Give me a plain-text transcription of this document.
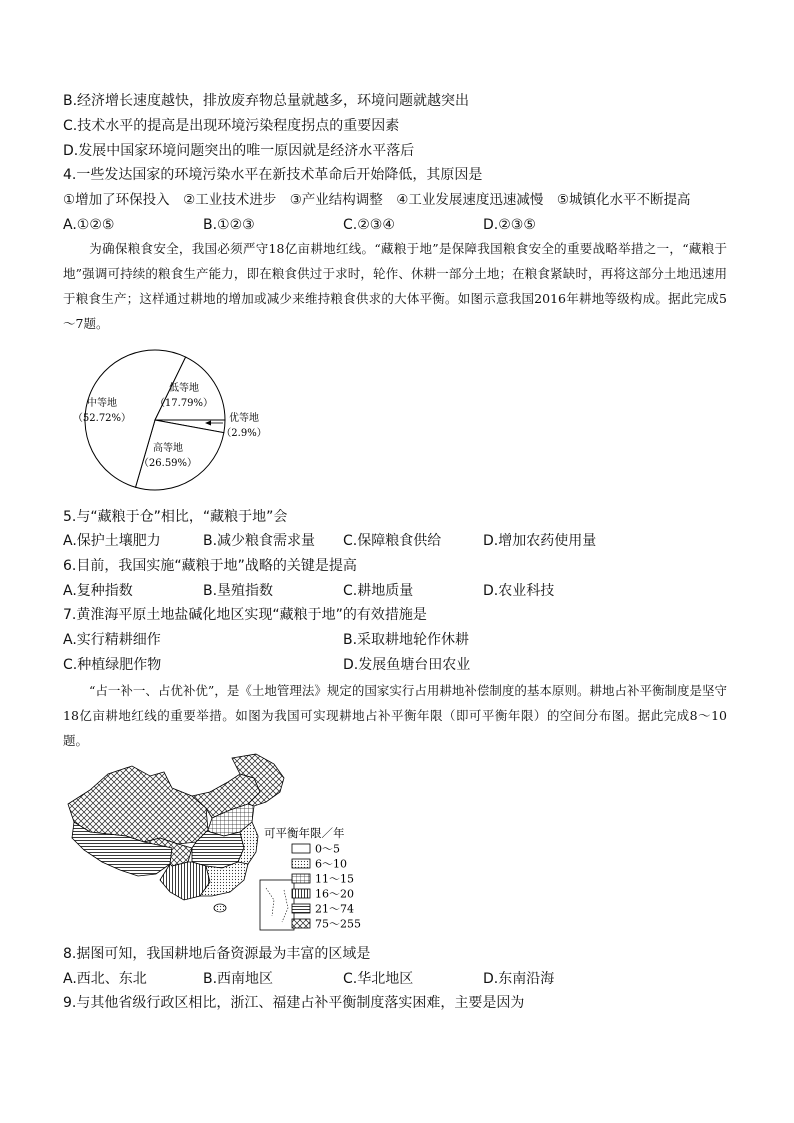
B.经济增长速度越快，排放废弃物总量就越多，环境问题就越突出
C.技术水平的提高是出现环境污染程度拐点的重要因素
D.发展中国家环境问题突出的唯一原因就是经济水平落后
4.一些发达国家的环境污染水平在新技术革命后开始降低，其原因是
①增加了环保投入　②工业技术进步　③产业结构调整　④工业发展速度迅速减慢　⑤城镇化水平不断提高
A.①②⑤	B.①②③	C.②③④	D.②③⑤
为确保粮食安全，我国必须严守18亿亩耕地红线。“藏粮于地”是保障我国粮食安全的重要战略举措之一，“藏粮于地”强调可持续的粮食生产能力，即在粮食供过于求时，轮作、休耕一部分土地；在粮食紧缺时，再将这部分土地迅速用于粮食生产；这样通过耕地的增加或减少来维持粮食供求的大体平衡。如图示意我国2016年耕地等级构成。据此完成5～7题。
中等地
（52.72%）
低等地
（17.79%）
优等地
（2.9%）
高等地
（26.59%）
5.与“藏粮于仓”相比，“藏粮于地”会
A.保护土壤肥力	B.减少粮食需求量 C.保障粮食供给	D.增加农药使用量
6.目前，我国实施“藏粮于地”战略的关键是提高
A.复种指数	B.垦殖指数	C.耕地质量	D.农业科技
7.黄淮海平原土地盐碱化地区实现“藏粮于地”的有效措施是
A.实行精耕细作	B.采取耕地轮作休耕
C.种植绿肥作物	D.发展鱼塘台田农业
“占一补一、占优补优”，是《土地管理法》规定的国家实行占用耕地补偿制度的基本原则。耕地占补平衡制度是坚守18亿亩耕地红线的重要举措。如图为我国可实现耕地占补平衡年限（即可平衡年限）的空间分布图。据此完成8～10题。
可平衡年限／年
0～5
6～10
11～15
16～20
21～74
75～255
8.据图可知，我国耕地后备资源最为丰富的区域是
A.西北、东北	B.西南地区	C.华北地区	D.东南沿海
9.与其他省级行政区相比，浙江、福建占补平衡制度落实困难，主要是因为
